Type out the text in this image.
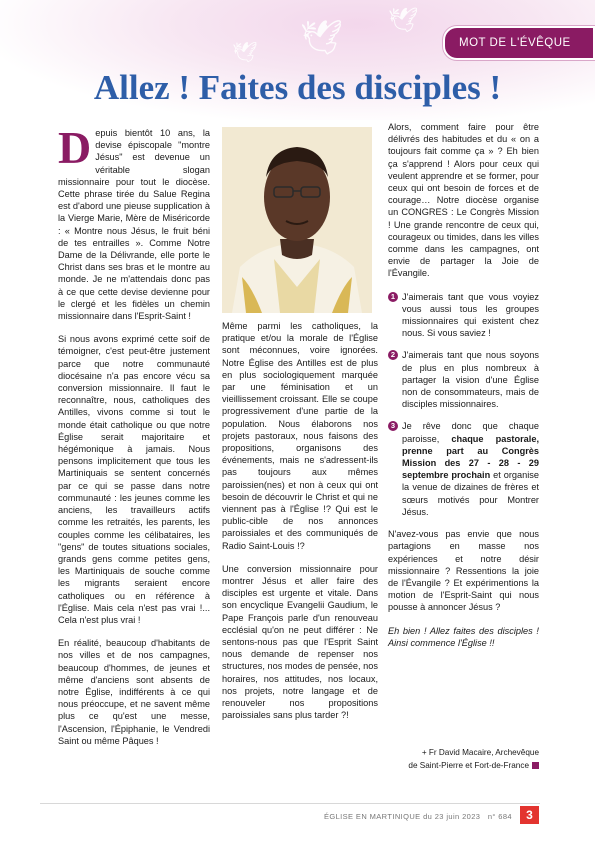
🕊 🕊
🕊	MOT DE L'ÉVÊQUE
Allez ! Faites des disciples !

Depuis bientôt 10 ans, la devise épiscopale "montre Jésus" est devenue un véritable slogan missionnaire pour tout le diocèse. Cette phrase tirée du Salue Regina est d'abord une pieuse supplication à la Vierge Marie, Mère de Miséricorde : « Montre nous Jésus, le fruit béni de tes entrailles ». Comme Notre Dame de la Délivrande, elle porte le Christ dans ses bras et le montre au monde. Je ne m'attendais donc pas à ce que cette devise devienne pour le clergé et les fidèles un chemin missionnaire dans l'Esprit-Saint !

Si nous avons exprimé cette soif de témoigner, c'est peut-être justement parce que notre communauté diocésaine n'a pas encore vécu sa conversion missionnaire. Il faut le reconnaître, nous, catholiques des Antilles, vivons comme si tout le monde était catholique ou que notre Église serait majoritaire et hégémonique à jamais. Nous pensons implicitement que tous les Martiniquais se sentent concernés par ce qui se passe dans notre communauté : les jeunes comme les anciens, les travailleurs actifs comme les retraités, les parents, les couples comme les célibataires, les "gens" de toutes situations sociales, grands gens comme petites gens, les Martiniquais de souche comme les migrants seraient encore catholiques ou en référence à l'Église. Mais cela n'est pas vrai !... Cela n'est plus vrai !

En réalité, beaucoup d'habitants de nos villes et de nos campagnes, beaucoup d'hommes, de jeunes et même d'anciens sont absents de notre Église, indifférents à ce qui nous préoccupe, et ne savent même plus ce qu'est une messe, l'Ascension, l'Épiphanie, le Vendredi Saint ou même Pâques !

Même parmi les catholiques, la pratique et/ou la morale de l'Église sont méconnues, voire ignorées. Notre Église des Antilles est de plus en plus sociologiquement marquée par une féminisation et un vieillissement croissant. Elle se coupe progressivement d'une partie de la population. Nous élaborons nos projets pastoraux, nous faisons des propositions, organisons des événements, mais ne s'adressent-ils pas toujours aux mêmes paroissien(nes) et non à ceux qui ont besoin de découvrir le Christ et qui ne viennent pas à l'Église !? Qui est le public-cible de nos annonces paroissiales et des communiqués de Radio Saint-Louis !?

Une conversion missionnaire pour montrer Jésus et aller faire des disciples est urgente et vitale. Dans son encyclique Evangelii Gaudium, le Pape François parle d'un renouveau ecclésial qu'on ne peut différer : Ne sentons-nous pas que l'Esprit Saint nous demande de repenser nos structures, nos modes de pensée, nos horaires, nos attitudes, nos locaux, nos projets, notre langage et de renouveler nos propositions paroissiales sans plus tarder ?!

Alors, comment faire pour être délivrés des habitudes et du « on a toujours fait comme ça » ? Eh bien ça s'apprend ! Alors pour ceux qui veulent apprendre et se former, pour ceux qui ont besoin de forces et de courage… Notre diocèse organise un CONGRES : Le Congrès Mission ! Une grande rencontre de ceux qui, courageux ou timides, dans les villes comme dans les campagnes, ont envie de partager la Joie de l'Évangile.

1 J'aimerais tant que vous voyiez vous aussi tous les groupes missionnaires qui existent chez nous. Si vous saviez !
2 J'aimerais tant que nous soyons de plus en plus nombreux à partager la vision d'une Église non de consommateurs, mais de disciples missionnaires.
3 Je rêve donc que chaque paroisse, chaque pastorale, prenne part au Congrès Mission des 27 - 28 - 29 septembre prochain et organise la venue de dizaines de frères et sœurs motivés pour Montrer Jésus.

N'avez-vous pas envie que nous partagions en masse nos expériences et notre désir missionnaire ? Ressentions la joie de l'Évangile ? Et expérimentions la motion de l'Esprit-Saint qui nous pousse à annoncer Jésus ?

Eh bien ! Allez faites des disciples ! Ainsi commence l'Église !!

+ Fr David Macaire, Archevêque
de Saint-Pierre et Fort-de-France
ÉGLISE EN MARTINIQUE du 23 juin 2023 n° 684	3
